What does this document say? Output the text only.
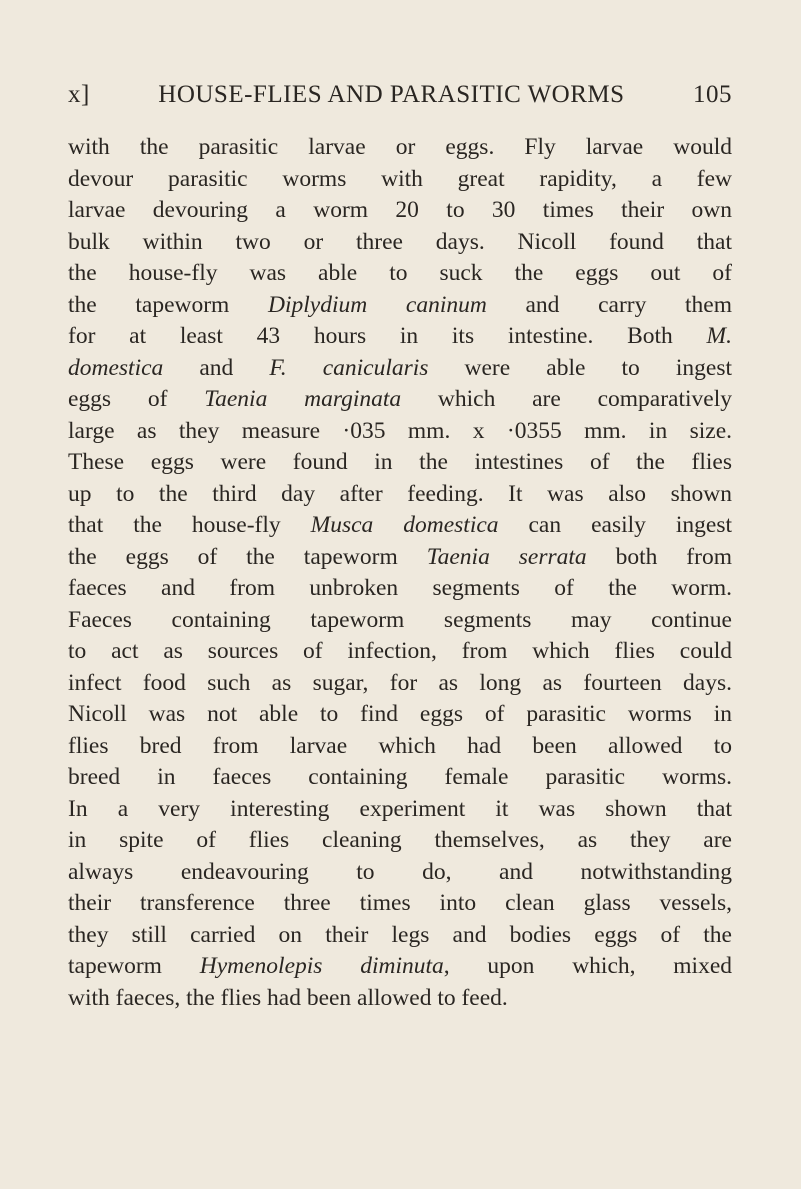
x]	HOUSE-FLIES AND PARASITIC WORMS	105
with the parasitic larvae or eggs. Fly larvae would
devour parasitic worms with great rapidity, a few
larvae devouring a worm 20 to 30 times their own
bulk within two or three days. Nicoll found that
the house-fly was able to suck the eggs out of
the tapeworm Diplydium caninum and carry them
for at least 43 hours in its intestine. Both M.
domestica and F. canicularis were able to ingest
eggs of Taenia marginata which are comparatively
large as they measure ·035 mm. x ·0355 mm. in size.
These eggs were found in the intestines of the flies
up to the third day after feeding. It was also shown
that the house-fly Musca domestica can easily ingest
the eggs of the tapeworm Taenia serrata both from
faeces and from unbroken segments of the worm.
Faeces containing tapeworm segments may continue
to act as sources of infection, from which flies could
infect food such as sugar, for as long as fourteen days.
Nicoll was not able to find eggs of parasitic worms in
flies bred from larvae which had been allowed to
breed in faeces containing female parasitic worms.
In a very interesting experiment it was shown that
in spite of flies cleaning themselves, as they are
always endeavouring to do, and notwithstanding
their transference three times into clean glass vessels,
they still carried on their legs and bodies eggs of the
tapeworm Hymenolepis diminuta, upon which, mixed
with faeces, the flies had been allowed to feed.
